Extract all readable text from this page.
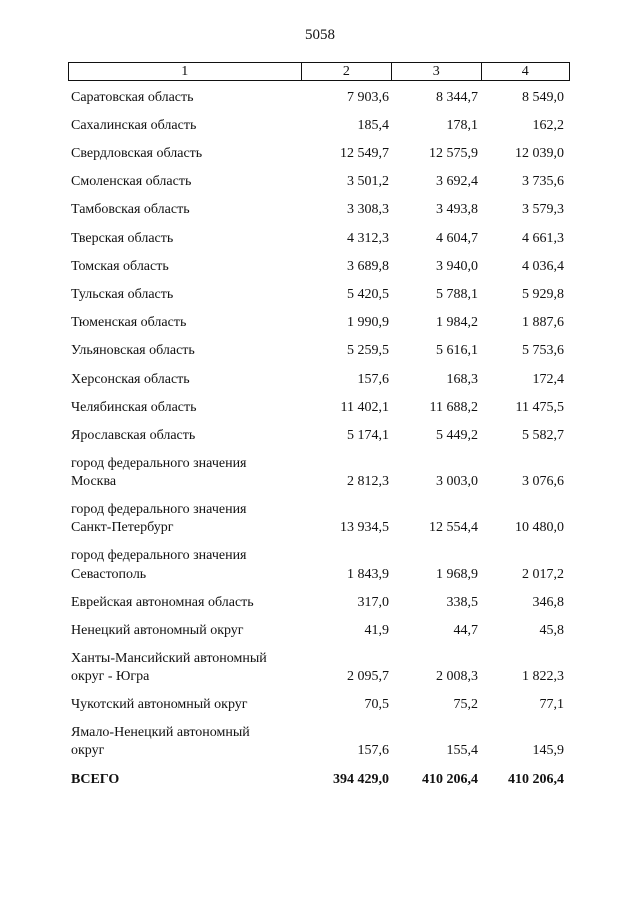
5058
1	2	3	4
Саратовская область	7 903,6	8 344,7	8 549,0
Сахалинская область	185,4	178,1	162,2
Свердловская область	12 549,7	12 575,9	12 039,0
Смоленская область	3 501,2	3 692,4	3 735,6
Тамбовская область	3 308,3	3 493,8	3 579,3
Тверская область	4 312,3	4 604,7	4 661,3
Томская область	3 689,8	3 940,0	4 036,4
Тульская область	5 420,5	5 788,1	5 929,8
Тюменская область	1 990,9	1 984,2	1 887,6
Ульяновская область	5 259,5	5 616,1	5 753,6
Херсонская область	157,6	168,3	172,4
Челябинская область	11 402,1	11 688,2	11 475,5
Ярославская область	5 174,1	5 449,2	5 582,7
город федерального значения
Москва	2 812,3	3 003,0	3 076,6
город федерального значения
Санкт-Петербург	13 934,5	12 554,4	10 480,0
город федерального значения
Севастополь	1 843,9	1 968,9	2 017,2
Еврейская автономная область	317,0	338,5	346,8
Ненецкий автономный округ	41,9	44,7	45,8
Ханты-Мансийский автономный
округ - Югра	2 095,7	2 008,3	1 822,3
Чукотский автономный округ	70,5	75,2	77,1
Ямало-Ненецкий автономный
округ	157,6	155,4	145,9
ВСЕГО	394 429,0	410 206,4	410 206,4
